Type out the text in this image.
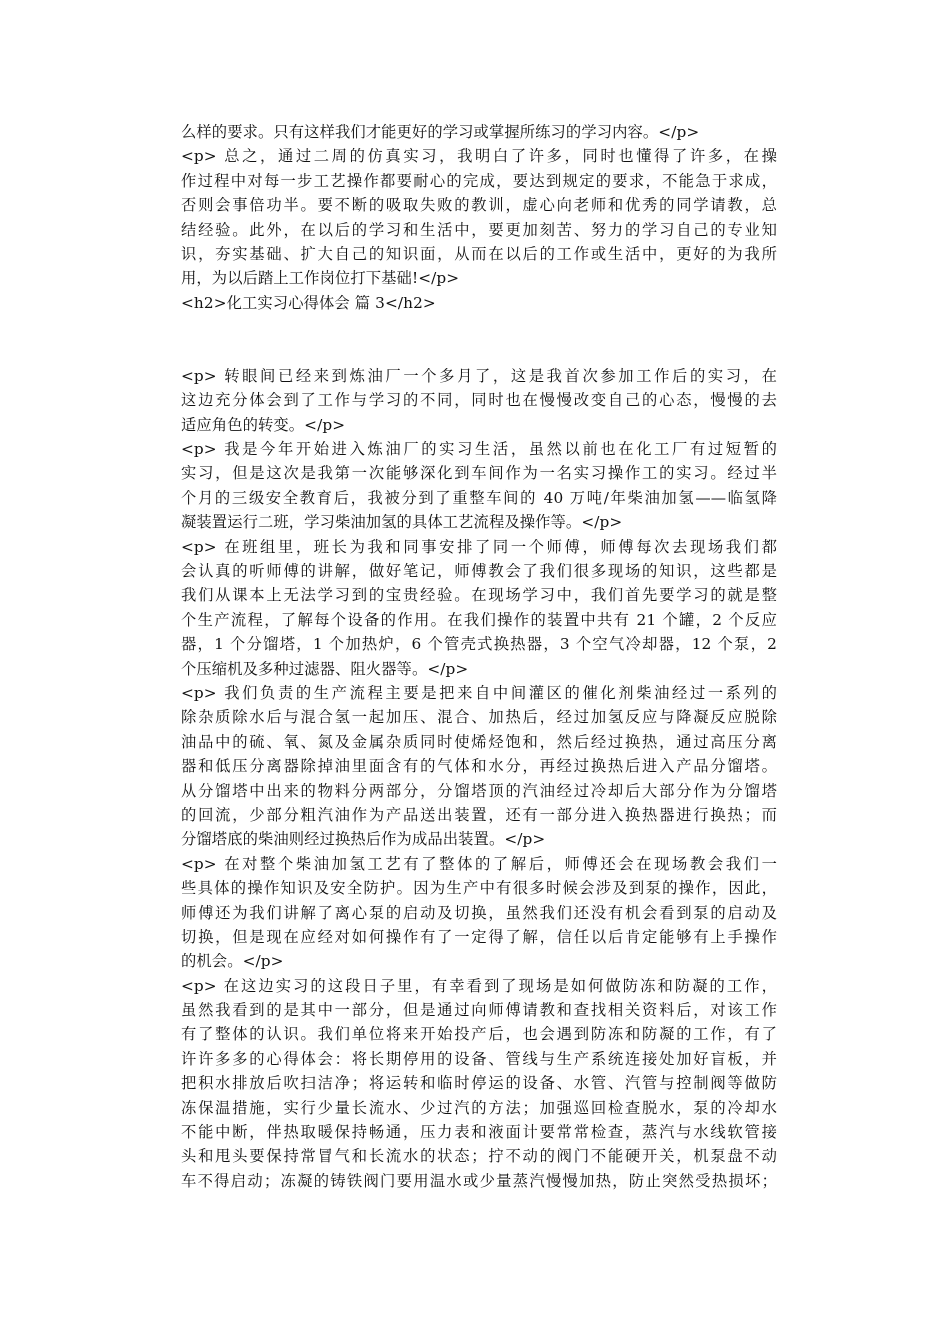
么样的要求。只有这样我们才能更好的学习或掌握所练习的学习内容。</p>
<p> 总之，通过二周的仿真实习，我明白了许多，同时也懂得了许多，在操
作过程中对每一步工艺操作都要耐心的完成，要达到规定的要求，不能急于求成，
否则会事倍功半。要不断的吸取失败的教训，虚心向老师和优秀的同学请教，总
结经验。此外，在以后的学习和生活中，要更加刻苦、努力的学习自己的专业知
识，夯实基础、扩大自己的知识面，从而在以后的工作或生活中，更好的为我所
用，为以后踏上工作岗位打下基础!</p>
<h2>化工实习心得体会 篇 3</h2>
<p> 转眼间已经来到炼油厂一个多月了，这是我首次参加工作后的实习，在
这边充分体会到了工作与学习的不同，同时也在慢慢改变自己的心态，慢慢的去
适应角色的转变。</p>
<p> 我是今年开始进入炼油厂的实习生活，虽然以前也在化工厂有过短暂的
实习，但是这次是我第一次能够深化到车间作为一名实习操作工的实习。经过半
个月的三级安全教育后，我被分到了重整车间的 40 万吨/年柴油加氢——临氢降
凝装置运行二班，学习柴油加氢的具体工艺流程及操作等。</p>
<p> 在班组里，班长为我和同事安排了同一个师傅，师傅每次去现场我们都
会认真的听师傅的讲解，做好笔记，师傅教会了我们很多现场的知识，这些都是
我们从课本上无法学习到的宝贵经验。在现场学习中，我们首先要学习的就是整
个生产流程，了解每个设备的作用。在我们操作的装置中共有 21 个罐，2 个反应
器，1 个分馏塔，1 个加热炉，6 个管壳式换热器，3 个空气冷却器，12 个泵，2
个压缩机及多种过滤器、阻火器等。</p>
<p> 我们负责的生产流程主要是把来自中间灌区的催化剂柴油经过一系列的
除杂质除水后与混合氢一起加压、混合、加热后，经过加氢反应与降凝反应脱除
油品中的硫、氧、氮及金属杂质同时使烯烃饱和，然后经过换热，通过高压分离
器和低压分离器除掉油里面含有的气体和水分，再经过换热后进入产品分馏塔。
从分馏塔中出来的物料分两部分，分馏塔顶的汽油经过冷却后大部分作为分馏塔
的回流，少部分粗汽油作为产品送出装置，还有一部分进入换热器进行换热；而
分馏塔底的柴油则经过换热后作为成品出装置。</p>
<p> 在对整个柴油加氢工艺有了整体的了解后，师傅还会在现场教会我们一
些具体的操作知识及安全防护。因为生产中有很多时候会涉及到泵的操作，因此，
师傅还为我们讲解了离心泵的启动及切换，虽然我们还没有机会看到泵的启动及
切换，但是现在应经对如何操作有了一定得了解，信任以后肯定能够有上手操作
的机会。</p>
<p> 在这边实习的这段日子里，有幸看到了现场是如何做防冻和防凝的工作，
虽然我看到的是其中一部分，但是通过向师傅请教和查找相关资料后，对该工作
有了整体的认识。我们单位将来开始投产后，也会遇到防冻和防凝的工作，有了
许许多多的心得体会：将长期停用的设备、管线与生产系统连接处加好盲板，并
把积水排放后吹扫洁净；将运转和临时停运的设备、水管、汽管与控制阀等做防
冻保温措施，实行少量长流水、少过汽的方法；加强巡回检查脱水，泵的冷却水
不能中断，伴热取暖保持畅通，压力表和液面计要常常检查，蒸汽与水线软管接
头和甩头要保持常冒气和长流水的状态；拧不动的阀门不能硬开关，机泵盘不动
车不得启动；冻凝的铸铁阀门要用温水或少量蒸汽慢慢加热，防止突然受热损坏；
